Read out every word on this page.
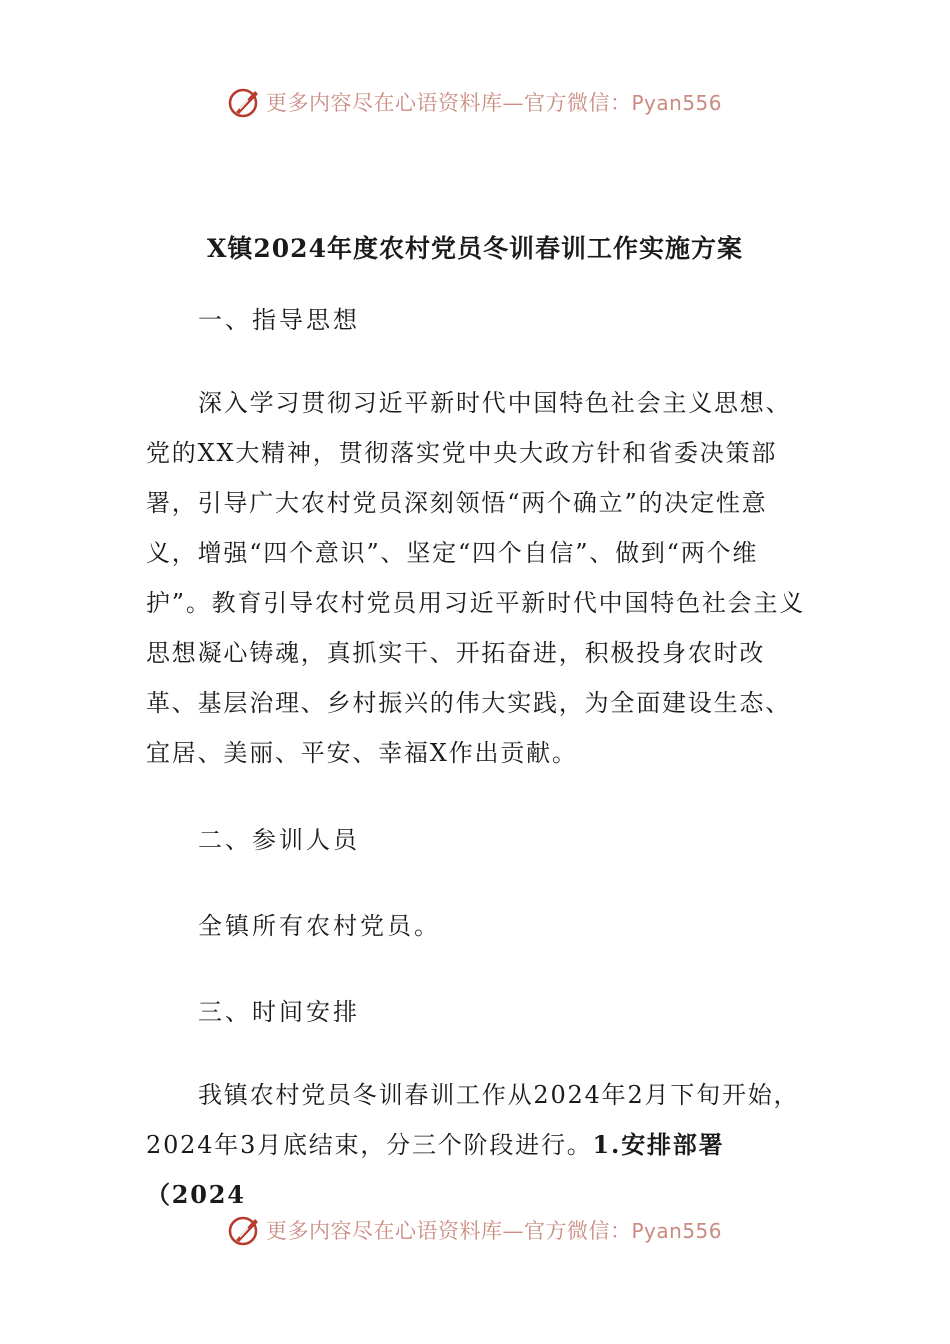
更多内容尽在心语资料库—官方微信：Pyan556
X镇2024年度农村党员冬训春训工作实施方案

一、指导思想

深入学习贯彻习近平新时代中国特色社会主义思想、党的XX大精神，贯彻落实党中央大政方针和省委决策部署，引导广大农村党员深刻领悟“两个确立”的决定性意义，增强“四个意识”、坚定“四个自信”、做到“两个维护”。教育引导农村党员用习近平新时代中国特色社会主义思想凝心铸魂，真抓实干、开拓奋进，积极投身农时改革、基层治理、乡村振兴的伟大实践，为全面建设生态、宜居、美丽、平安、幸福X作出贡献。

二、参训人员

全镇所有农村党员。

三、时间安排

我镇农村党员冬训春训工作从2024年2月下旬开始，2024年3月底结束，分三个阶段进行。1.安排部署（2024

更多内容尽在心语资料库—官方微信：Pyan556
